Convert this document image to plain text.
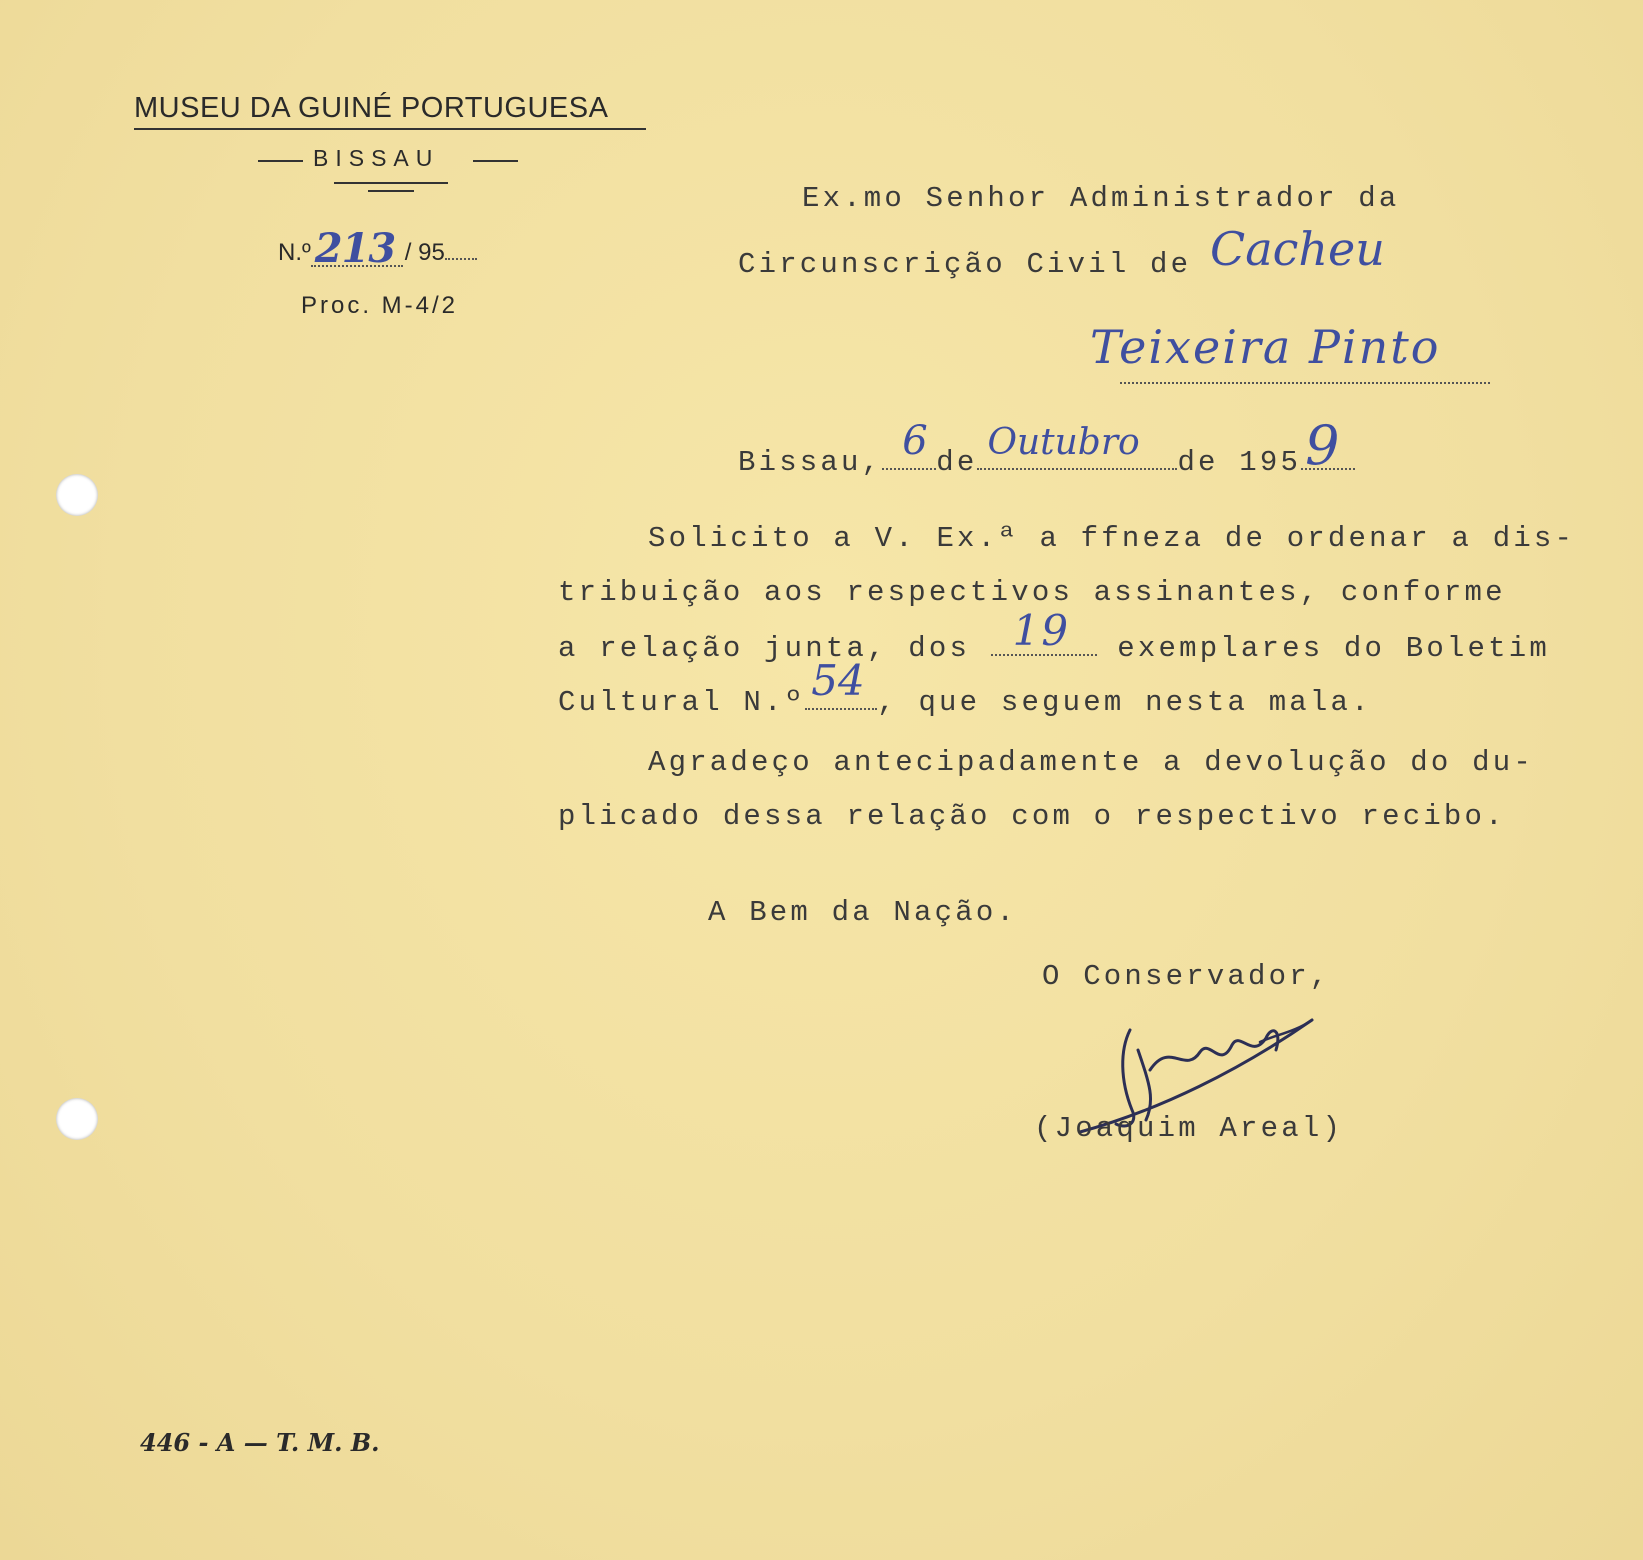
MUSEU DA GUINÉ PORTUGUESA
BISSAU
N.º 213 / 95
Proc. M-4/2
Ex.mo Senhor Administrador da
Circunscrição Civil de Cacheu
Teixeira Pinto
Bissau, 6 de Outubro de 195 9
Solicito a V. Ex.ª a ffneza de ordenar a dis-
tribuição aos respectivos assinantes, conforme
a relação junta, dos 19 exemplares do Boletim
Cultural N.º 54 , que seguem nesta mala.
Agradeço antecipadamente a devolução do du-
plicado dessa relação com o respectivo recibo.
A Bem da Nação.
O Conservador,
(Joaquim Areal)
446 - A — T. M. B.
